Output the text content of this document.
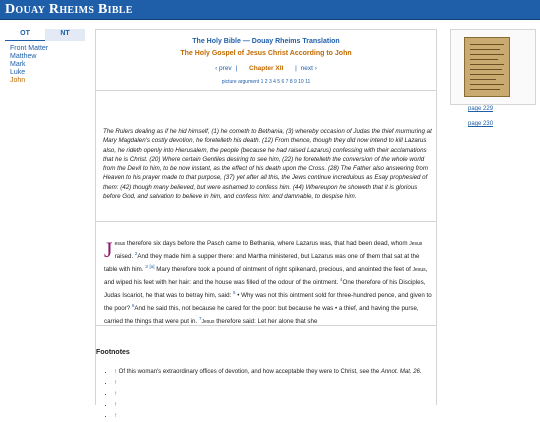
Douay Rheims Bible
OT	NT
Front Matter
Matthew
Mark
Luke
John
The Holy Bible — Douay Rheims Translation
The Holy Gospel of Jesus Christ According to John
‹ prev | Chapter XII | next ›
picture argument 1 2 3 4 5 6 7 8 9 10 11
The Rulers dealing as if he hid himself, (1) he cometh to Bethania, (3) whereby occasion of Judas the thief murmuring at Mary Magdalen's costly devotion, he foretelleth his death. (12) From thence, though they did now intend to kill Lazarus also, he rideth openly into Hierusalem, the people (because he had raised Lazarus) confessing with their acclamations that he is Christ. (20) Where certain Gentiles desiring to see him, (22) he foretelleth the conversion of the whole world from the Devil to him, to be now instant, as the effect of his death upon the Cross. (28) The Father also answering from Heaven to his prayer made to that purpose, (37) yet after all this, the Jews continue incredulous as Esay prophesied of them: (42) though many believed, but were ashamed to confess him. (44) Whereupon he showeth that it is glorious before God, and salvation to believe in him, and confess him: and damnable, to despise him.
Jesus therefore six days before the Pasch came to Bethania, where Lazarus was, that had been dead, whom Jesus raised. $^2$And they made him a supper there: and Martha ministered, but Lazarus was one of them that sat at the table with him. $^3$ [a] Mary therefore took a pound of ointment of right spikenard, precious, and anointed the feet of Jesus, and wiped his feet with her hair: and the house was filled of the odour of the ointment. $^4$One therefore of his Disciples, Judas Iscariot, he that was to betray him, said: $^5$ • Why was not this ointment sold for three-hundred pence, and given to the poor? $^6$And he said this, not because he cared for the poor: but because he was • a thief, and having the purse, carried the things that were put in. $^7$Jesus therefore said: Let her alone that she
Footnotes
• ↑ Of this woman's extraordinary offices of devotion, and how acceptable they were to Christ, see the Annot. Mat. 26.
• ↑
• ↑
• ↑
• ↑
page 229
page 230
